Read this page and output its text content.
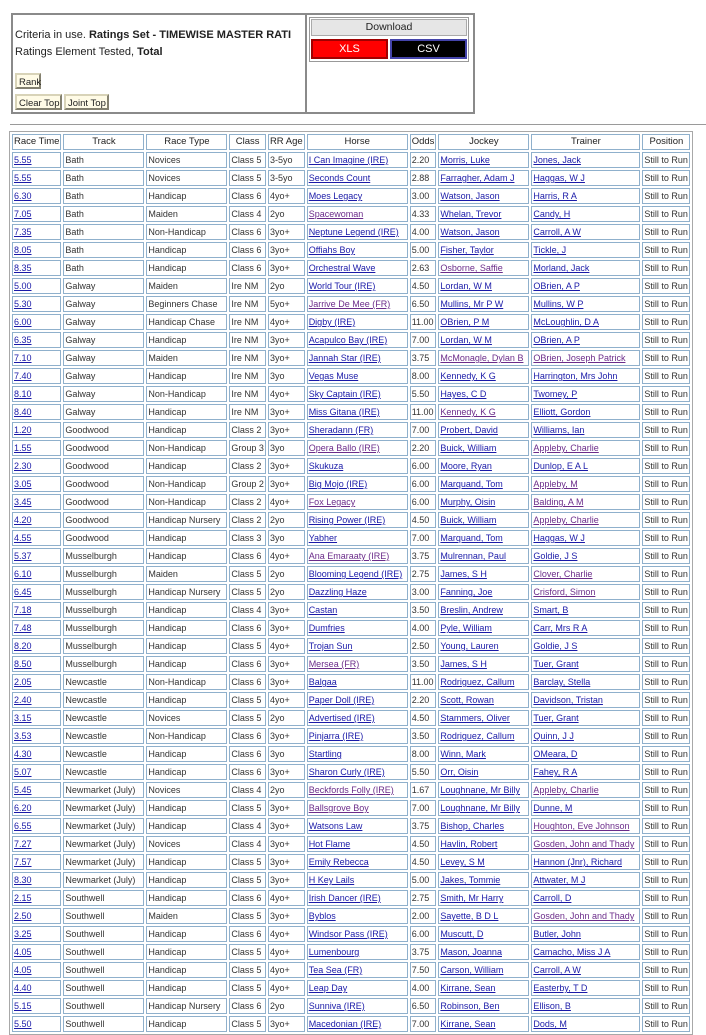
Criteria in use. Ratings Set - TIMEWISE MASTER RATI
Ratings Element Tested, Total
Rank
Clear Top Joint Top
Download
XLS	CSV
Race Time	Track	Race Type	Class	RR Age	Horse	Odds	Jockey	Trainer	Position
5.55	Bath	Novices	Class 5	3-5yo	I Can Imagine (IRE)	2.20	Morris, Luke	Jones, Jack	Still to Run
5.55	Bath	Novices	Class 5	3-5yo	Seconds Count	2.88	Farragher, Adam J	Haggas, W J	Still to Run
6.30	Bath	Handicap	Class 6	4yo+	Moes Legacy	3.00	Watson, Jason	Harris, R A	Still to Run
7.05	Bath	Maiden	Class 4	2yo	Spacewoman	4.33	Whelan, Trevor	Candy, H	Still to Run
7.35	Bath	Non-Handicap	Class 6	3yo+	Neptune Legend (IRE)	4.00	Watson, Jason	Carroll, A W	Still to Run
8.05	Bath	Handicap	Class 6	3yo+	Offiahs Boy	5.00	Fisher, Taylor	Tickle, J	Still to Run
8.35	Bath	Handicap	Class 6	3yo+	Orchestral Wave	2.63	Osborne, Saffie	Morland, Jack	Still to Run
5.00	Galway	Maiden	Ire NM	2yo	World Tour (IRE)	4.50	Lordan, W M	OBrien, A P	Still to Run
5.30	Galway	Beginners Chase	Ire NM	5yo+	Jarrive De Mee (FR)	6.50	Mullins, Mr P W	Mullins, W P	Still to Run
6.00	Galway	Handicap Chase	Ire NM	4yo+	Digby (IRE)	11.00	OBrien, P M	McLoughlin, D A	Still to Run
6.35	Galway	Handicap	Ire NM	3yo+	Acapulco Bay (IRE)	7.00	Lordan, W M	OBrien, A P	Still to Run
7.10	Galway	Maiden	Ire NM	3yo+	Jannah Star (IRE)	3.75	McMonagle, Dylan B	OBrien, Joseph Patrick	Still to Run
7.40	Galway	Handicap	Ire NM	3yo	Vegas Muse	8.00	Kennedy, K G	Harrington, Mrs John	Still to Run
8.10	Galway	Non-Handicap	Ire NM	4yo+	Sky Captain (IRE)	5.50	Hayes, C D	Twomey, P	Still to Run
8.40	Galway	Handicap	Ire NM	3yo+	Miss Gitana (IRE)	11.00	Kennedy, K G	Elliott, Gordon	Still to Run
1.20	Goodwood	Handicap	Class 2	3yo+	Sheradann (FR)	7.00	Probert, David	Williams, Ian	Still to Run
1.55	Goodwood	Non-Handicap	Group 3	3yo	Opera Ballo (IRE)	2.20	Buick, William	Appleby, Charlie	Still to Run
2.30	Goodwood	Handicap	Class 2	3yo+	Skukuza	6.00	Moore, Ryan	Dunlop, E A L	Still to Run
3.05	Goodwood	Non-Handicap	Group 2	3yo+	Big Mojo (IRE)	6.00	Marquand, Tom	Appleby, M	Still to Run
3.45	Goodwood	Non-Handicap	Class 2	4yo+	Fox Legacy	6.00	Murphy, Oisin	Balding, A M	Still to Run
4.20	Goodwood	Handicap Nursery	Class 2	2yo	Rising Power (IRE)	4.50	Buick, William	Appleby, Charlie	Still to Run
4.55	Goodwood	Handicap	Class 3	3yo	Yabher	7.00	Marquand, Tom	Haggas, W J	Still to Run
5.37	Musselburgh	Handicap	Class 6	4yo+	Ana Emaraaty (IRE)	3.75	Mulrennan, Paul	Goldie, J S	Still to Run
6.10	Musselburgh	Maiden	Class 5	2yo	Blooming Legend (IRE)	2.75	James, S H	Clover, Charlie	Still to Run
6.45	Musselburgh	Handicap Nursery	Class 5	2yo	Dazzling Haze	3.00	Fanning, Joe	Crisford, Simon	Still to Run
7.18	Musselburgh	Handicap	Class 4	3yo+	Castan	3.50	Breslin, Andrew	Smart, B	Still to Run
7.48	Musselburgh	Handicap	Class 6	3yo+	Dumfries	4.00	Pyle, William	Carr, Mrs R A	Still to Run
8.20	Musselburgh	Handicap	Class 5	4yo+	Trojan Sun	2.50	Young, Lauren	Goldie, J S	Still to Run
8.50	Musselburgh	Handicap	Class 6	3yo+	Mersea (FR)	3.50	James, S H	Tuer, Grant	Still to Run
2.05	Newcastle	Non-Handicap	Class 6	3yo+	Balgaa	11.00	Rodriguez, Callum	Barclay, Stella	Still to Run
2.40	Newcastle	Handicap	Class 5	4yo+	Paper Doll (IRE)	2.20	Scott, Rowan	Davidson, Tristan	Still to Run
3.15	Newcastle	Novices	Class 5	2yo	Advertised (IRE)	4.50	Stammers, Oliver	Tuer, Grant	Still to Run
3.53	Newcastle	Non-Handicap	Class 6	3yo+	Pinjarra (IRE)	3.50	Rodriguez, Callum	Quinn, J J	Still to Run
4.30	Newcastle	Handicap	Class 6	3yo	Startling	8.00	Winn, Mark	OMeara, D	Still to Run
5.07	Newcastle	Handicap	Class 6	3yo+	Sharon Curly (IRE)	5.50	Orr, Oisin	Fahey, R A	Still to Run
5.45	Newmarket (July)	Novices	Class 4	2yo	Beckfords Folly (IRE)	1.67	Loughnane, Mr Billy	Appleby, Charlie	Still to Run
6.20	Newmarket (July)	Handicap	Class 5	3yo+	Ballsgrove Boy	7.00	Loughnane, Mr Billy	Dunne, M	Still to Run
6.55	Newmarket (July)	Handicap	Class 4	3yo+	Watsons Law	3.75	Bishop, Charles	Houghton, Eve Johnson	Still to Run
7.27	Newmarket (July)	Novices	Class 4	3yo+	Hot Flame	4.50	Havlin, Robert	Gosden, John and Thady	Still to Run
7.57	Newmarket (July)	Handicap	Class 5	3yo+	Emily Rebecca	4.50	Levey, S M	Hannon (Jnr), Richard	Still to Run
8.30	Newmarket (July)	Handicap	Class 5	3yo+	H Key Lails	5.00	Jakes, Tommie	Attwater, M J	Still to Run
2.15	Southwell	Handicap	Class 6	4yo+	Irish Dancer (IRE)	2.75	Smith, Mr Harry	Carroll, D	Still to Run
2.50	Southwell	Maiden	Class 5	3yo+	Byblos	2.00	Sayette, B D L	Gosden, John and Thady	Still to Run
3.25	Southwell	Handicap	Class 6	4yo+	Windsor Pass (IRE)	6.00	Muscutt, D	Butler, John	Still to Run
4.05	Southwell	Handicap	Class 5	4yo+	Lumenbourg	3.75	Mason, Joanna	Camacho, Miss J A	Still to Run
4.05	Southwell	Handicap	Class 5	4yo+	Tea Sea (FR)	7.50	Carson, William	Carroll, A W	Still to Run
4.40	Southwell	Handicap	Class 5	4yo+	Leap Day	4.00	Kirrane, Sean	Easterby, T D	Still to Run
5.15	Southwell	Handicap Nursery	Class 6	2yo	Sunniva (IRE)	6.50	Robinson, Ben	Ellison, B	Still to Run
5.50	Southwell	Handicap	Class 5	3yo+	Macedonian (IRE)	7.00	Kirrane, Sean	Dods, M	Still to Run
